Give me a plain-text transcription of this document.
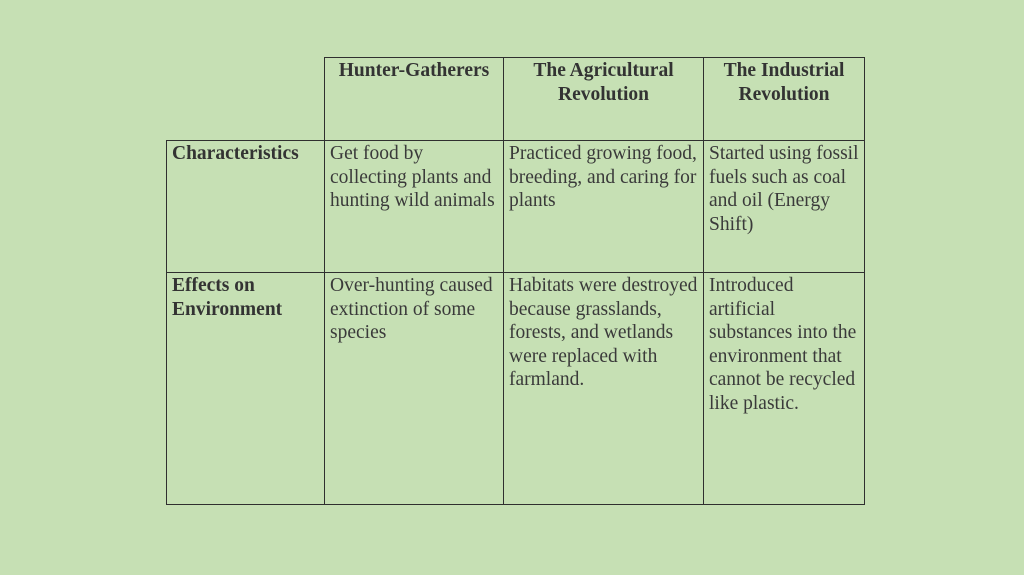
	Hunter-Gatherers	The Agricultural Revolution	The Industrial Revolution
Characteristics	Get food by collecting plants and hunting wild animals	Practiced growing food, breeding, and caring for plants	Started using fossil fuels such as coal and oil (Energy Shift)
Effects on Environment	Over-hunting caused extinction of some species	Habitats were destroyed because grasslands, forests, and wetlands were replaced with farmland.	Introduced artificial substances into the environment that cannot be recycled like plastic.
